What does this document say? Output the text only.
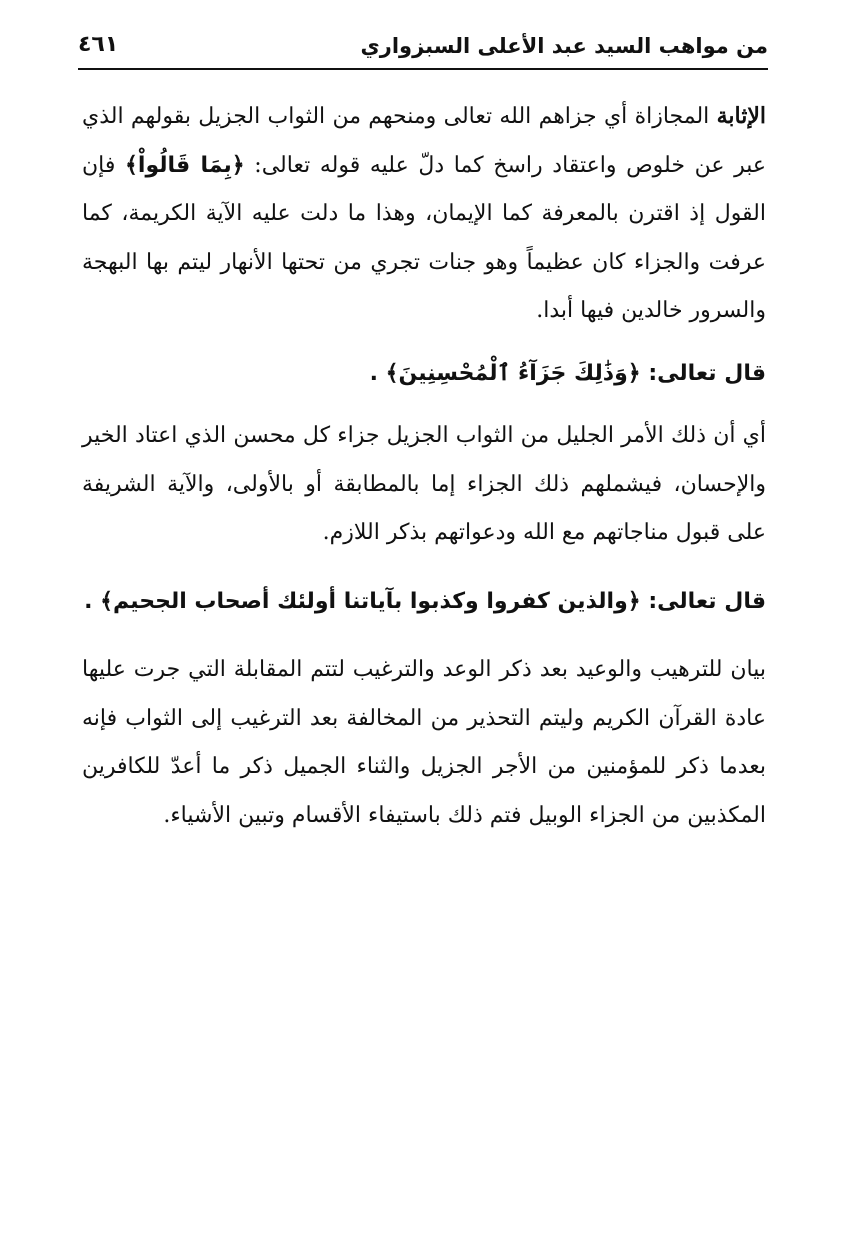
من مواهب السيد عبد الأعلى السبزواري
٤٦١

الإثابة المجازاة أي جزاهم الله تعالى ومنحهم من الثواب الجزيل بقولهم الذي عبر عن خلوص واعتقاد راسخ كما دلّ عليه قوله تعالى: ﴿بِمَا قَالُواْ﴾ فإن القول إذ اقترن بالمعرفة كما الإيمان، وهذا ما دلت عليه الآية الكريمة، كما عرفت والجزاء كان عظيماً وهو جنات تجري من تحتها الأنهار ليتم بها البهجة والسرور خالدين فيها أبدا.

قال تعالى: ﴿وَذَٰلِكَ جَزَآءُ ٱلْمُحْسِنِينَ﴾ .

أي أن ذلك الأمر الجليل من الثواب الجزيل جزاء كل محسن الذي اعتاد الخير والإحسان، فيشملهم ذلك الجزاء إما بالمطابقة أو بالأولى، والآية الشريفة على قبول مناجاتهم مع الله ودعواتهم بذكر اللازم.

قال تعالى: ﴿والذين كفروا وكذبوا بآياتنا أولئك أصحاب الجحيم﴾ .

بيان للترهيب والوعيد بعد ذكر الوعد والترغيب لتتم المقابلة التي جرت عليها عادة القرآن الكريم وليتم التحذير من المخالفة بعد الترغيب إلى الثواب فإنه بعدما ذكر للمؤمنين من الأجر الجزيل والثناء الجميل ذكر ما أعدّ للكافرين المكذبين من الجزاء الوبيل فتم ذلك باستيفاء الأقسام وتبين الأشياء.
